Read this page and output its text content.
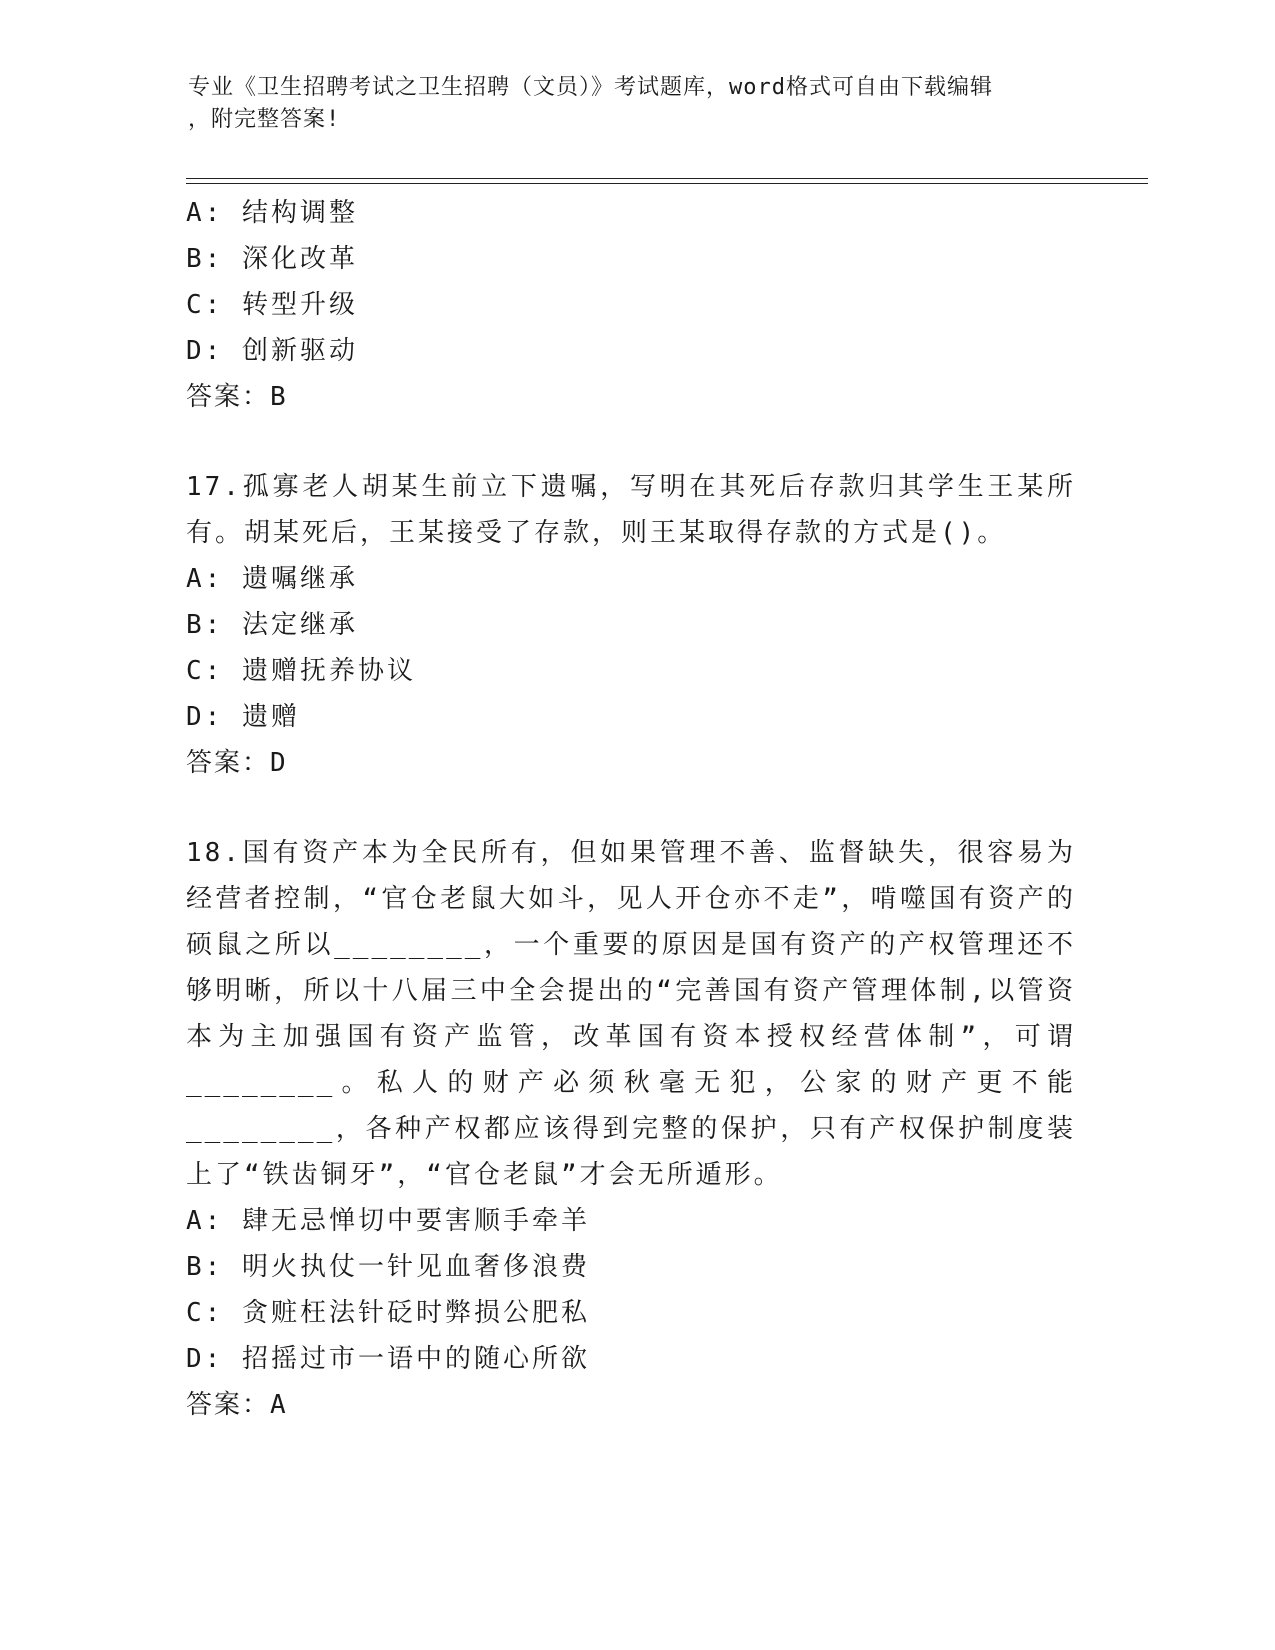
专业《卫生招聘考试之卫生招聘（文员）》考试题库，word格式可自由下载编辑
，附完整答案!
A: 结构调整
B: 深化改革
C: 转型升级
D: 创新驱动
答案：B
17.孤寡老人胡某生前立下遗嘱，写明在其死后存款归其学生王某所有。胡某死后，王某接受了存款，则王某取得存款的方式是()。
A: 遗嘱继承
B: 法定继承
C: 遗赠抚养协议
D: 遗赠
答案：D
18.国有资产本为全民所有，但如果管理不善、监督缺失，很容易为经营者控制，“官仓老鼠大如斗，见人开仓亦不走”，啃噬国有资产的硕鼠之所以________，一个重要的原因是国有资产的产权管理还不够明晰，所以十八届三中全会提出的“完善国有资产管理体制,以管资本为主加强国有资产监管，改革国有资本授权经营体制”，可谓________。私人的财产必须秋毫无犯，公家的财产更不能________，各种产权都应该得到完整的保护，只有产权保护制度装上了“铁齿铜牙”，“官仓老鼠”才会无所遁形。
A: 肆无忌惮切中要害顺手牵羊
B: 明火执仗一针见血奢侈浪费
C: 贪赃枉法针砭时弊损公肥私
D: 招摇过市一语中的随心所欲
答案：A
